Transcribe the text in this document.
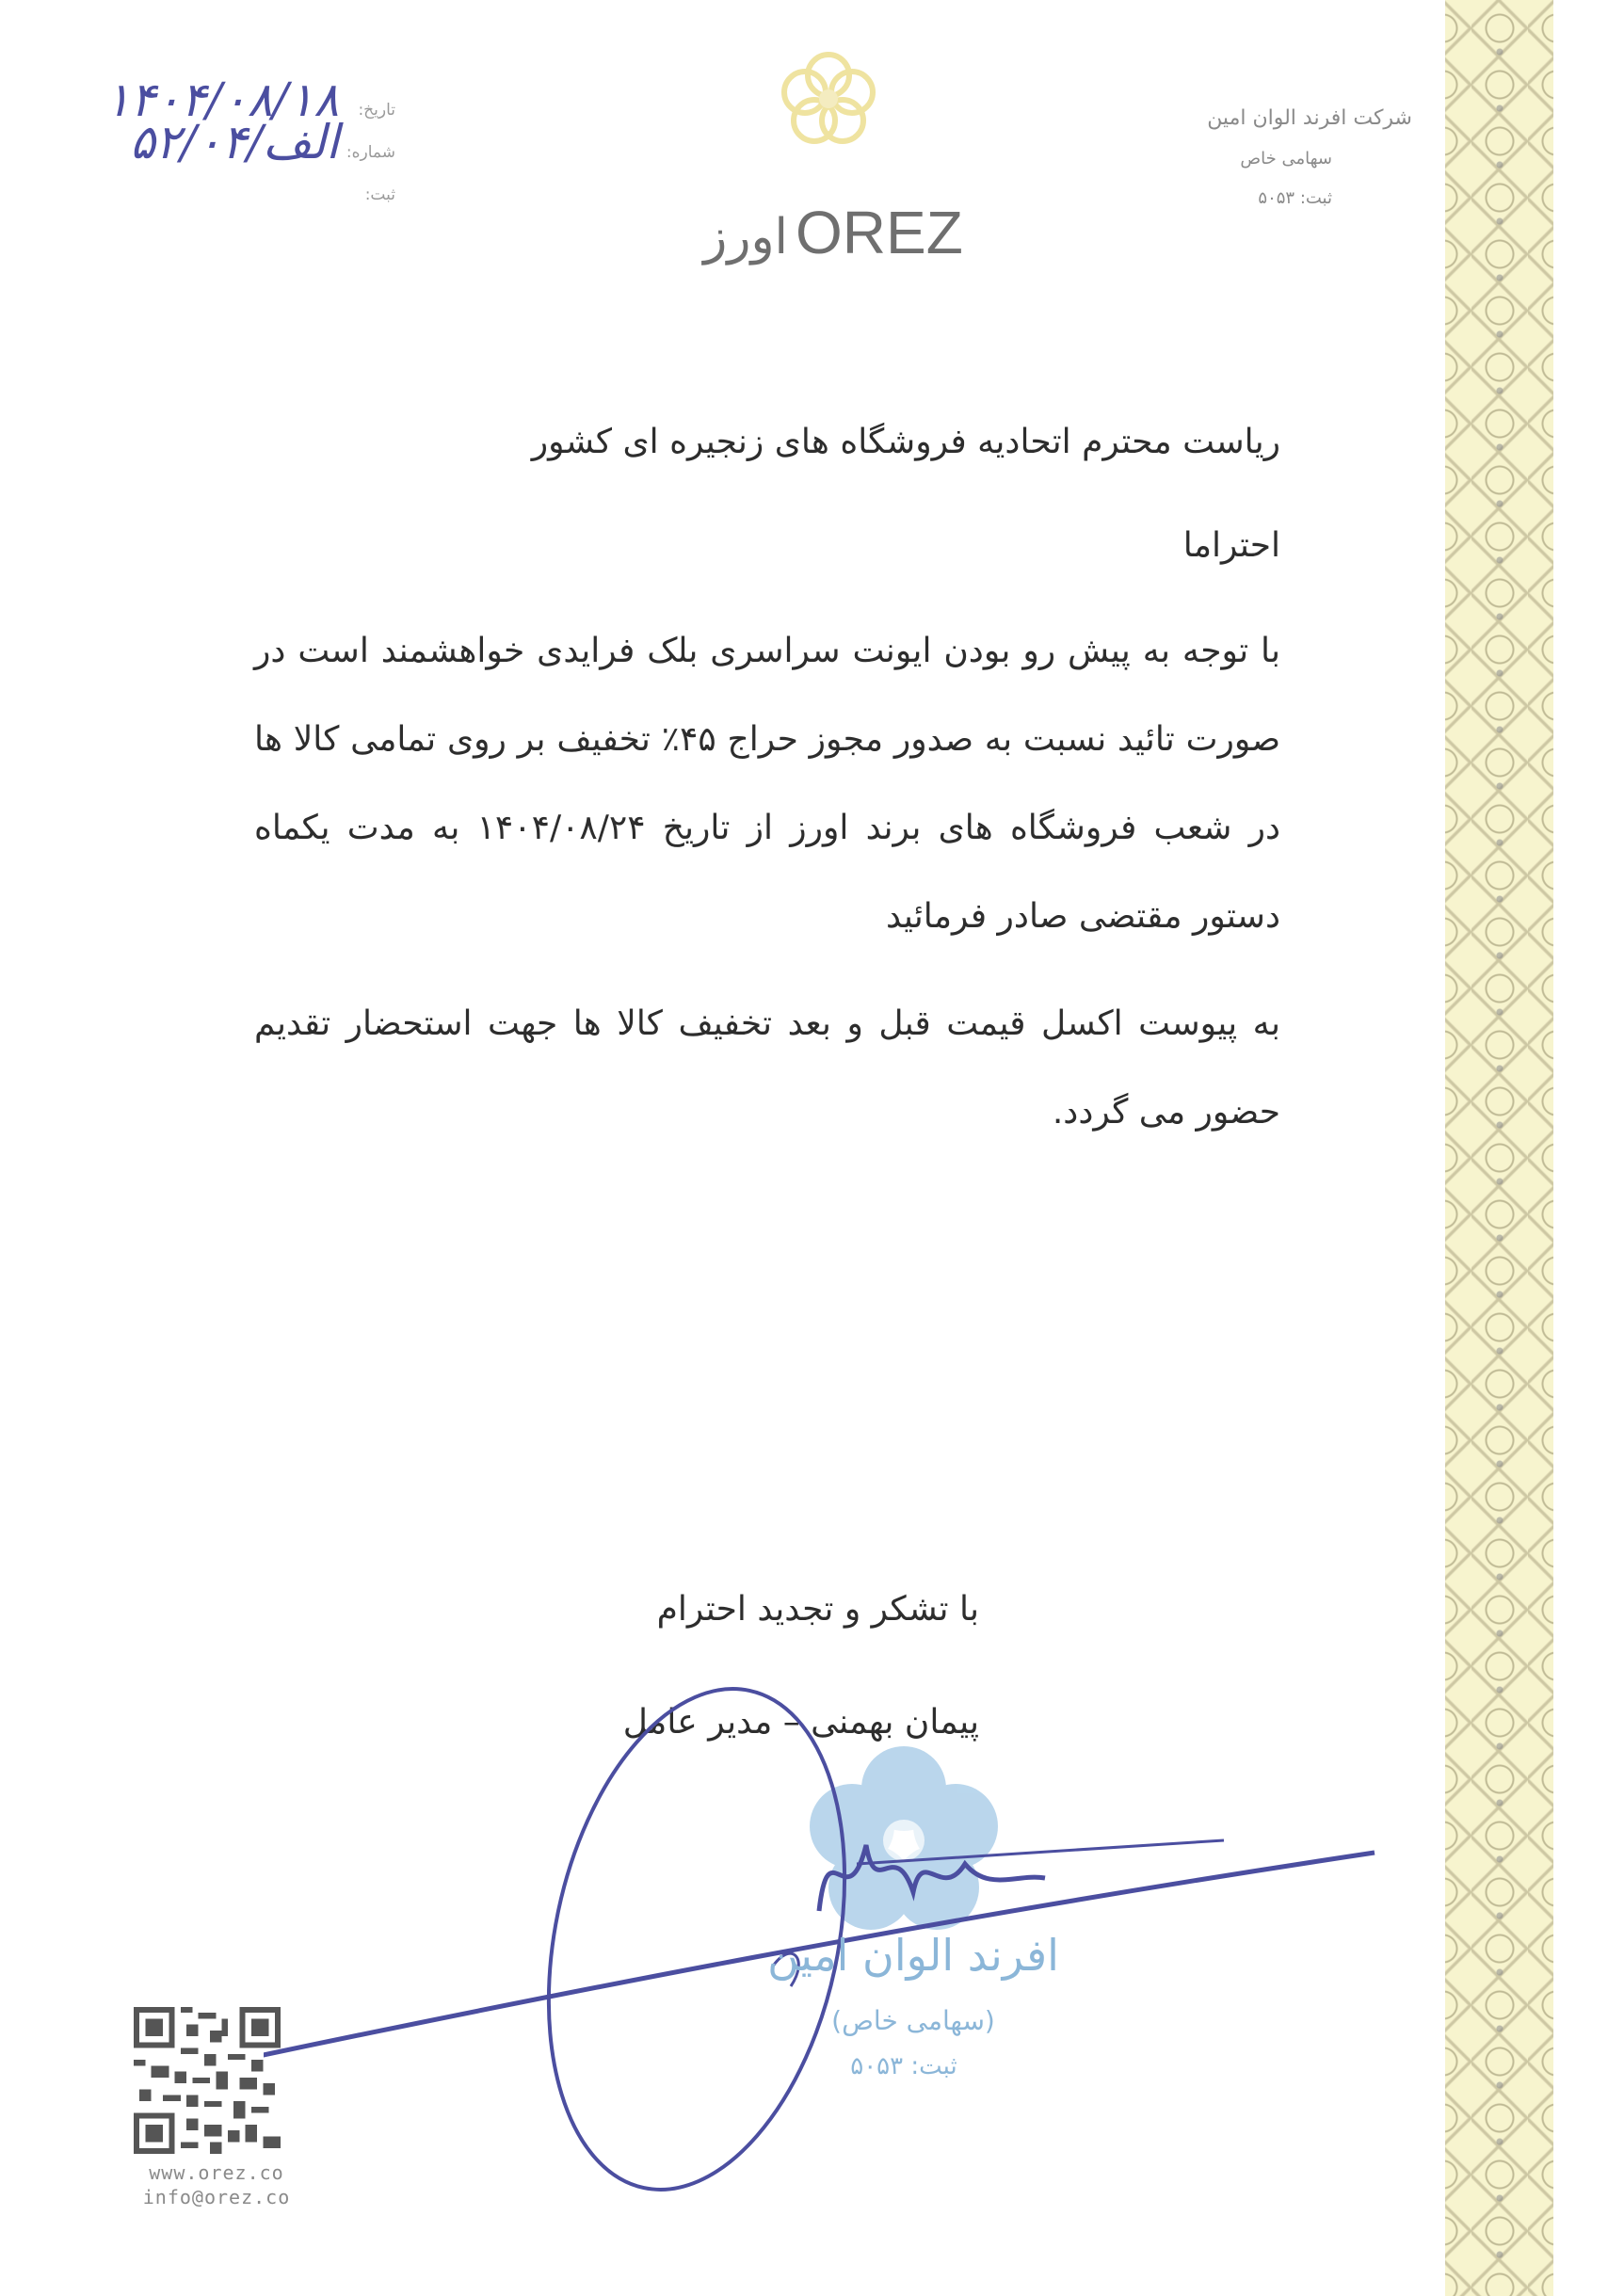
تاریخ:
۱۴۰۴/۰۸/۱۸
شماره:
۵۲/الف/۰۴
ثبت:
اورز OREZ
شرکت افرند الوان امین
سهامی خاص
ثبت: ۵۰۵۳

ریاست محترم اتحادیه فروشگاه های زنجیره ای کشور

احتراما

با توجه به پیش رو بودن ایونت سراسری بلک فرایدی خواهشمند است در صورت تائید نسبت به صدور مجوز حراج ۴۵٪ تخفیف بر روی تمامی کالا ها در شعب فروشگاه های برند اورز از تاریخ ۱۴۰۴/۰۸/۲۴ به مدت یکماه دستور مقتضی صادر فرمائید

به پیوست اکسل قیمت قبل و بعد تخفیف کالا ها جهت استحضار تقدیم حضور می گردد.

با تشکر و تجدید احترام
پیمان بهمنی – مدیر عامل
افرند الوان امین
(سهامی خاص)
ثبت: ۵۰۵۳
www.orez.co
info@orez.co
